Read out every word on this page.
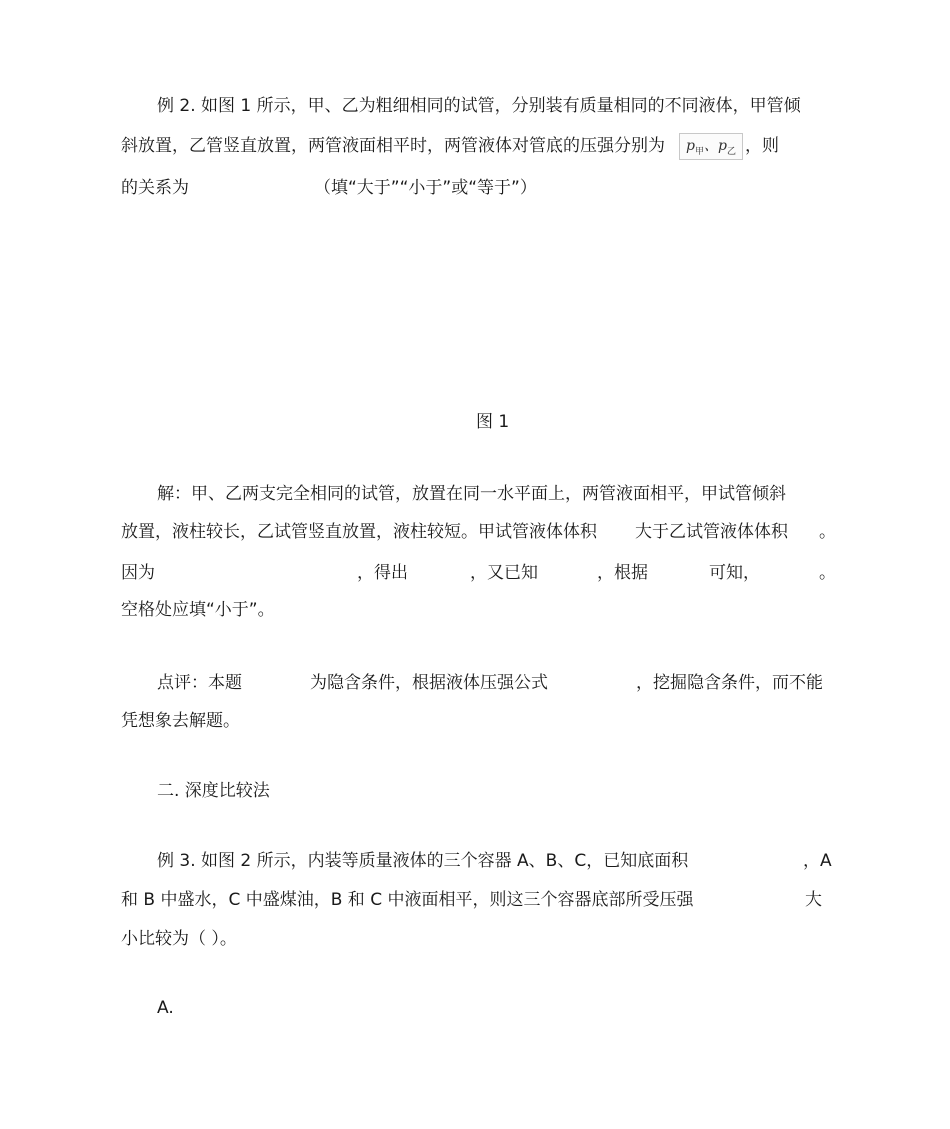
例 2. 如图 1 所示，甲、乙为粗细相同的试管，分别装有质量相同的不同液体，甲管倾
斜放置，乙管竖直放置，两管液面相平时，两管液体对管底的压强分别为	$p_甲$、$p_乙$ ，则
的关系为	（填“大于”“小于”或“等于”）
图 1
解：甲、乙两支完全相同的试管，放置在同一水平面上，两管液面相平，甲试管倾斜
放置，液柱较长，乙试管竖直放置，液柱较短。甲试管液体体积 大于乙试管液体体积 。
因为	，得出	，又已知	，根据	可知，	。
空格处应填“小于”。
点评：本题	为隐含条件，根据液体压强公式	，挖掘隐含条件，而不能
凭想象去解题。
二. 深度比较法
例 3. 如图 2 所示，内装等质量液体的三个容器 A、B、C，已知底面积	，A
和 B 中盛水，C 中盛煤油，B 和 C 中液面相平，则这三个容器底部所受压强	大
小比较为（ ）。
A.
